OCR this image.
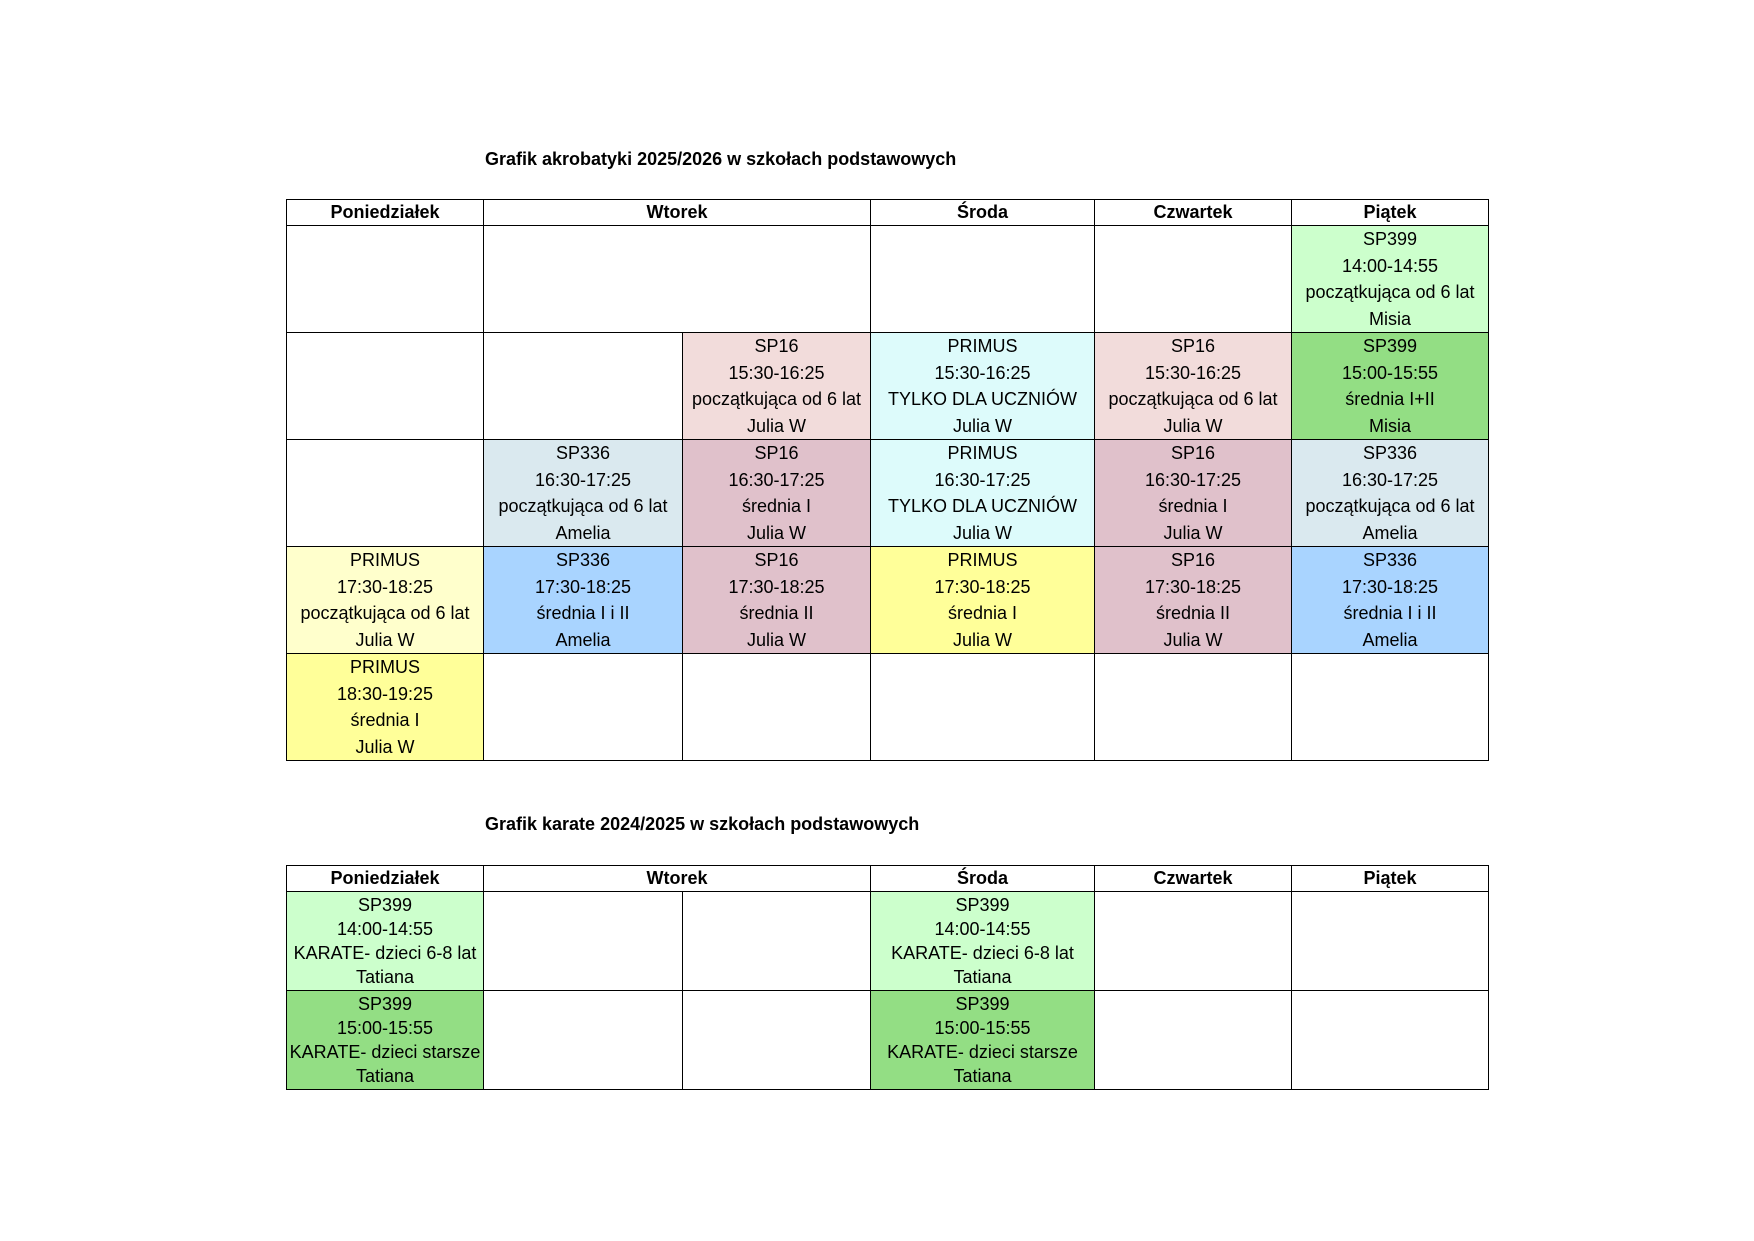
Grafik akrobatyki 2025/2026 w szkołach podstawowych
Poniedziałek	Wtorek		Środa	Czwartek	Piątek

					SP399
14:00-14:55
początkująca od 6 lat
Misia

		SP16
15:30-16:25
początkująca od 6 lat
Julia W	PRIMUS
15:30-16:25
TYLKO DLA UCZNIÓW
Julia W	SP16
15:30-16:25
początkująca od 6 lat
Julia W	SP399
15:00-15:55
średnia I+II
Misia

	SP336
16:30-17:25
początkująca od 6 lat
Amelia	SP16
16:30-17:25
średnia I
Julia W	PRIMUS
16:30-17:25
TYLKO DLA UCZNIÓW
Julia W	SP16
16:30-17:25
średnia I
Julia W	SP336
16:30-17:25
początkująca od 6 lat
Amelia

PRIMUS
17:30-18:25
początkująca od 6 lat
Julia W	SP336
17:30-18:25
średnia I i II
Amelia	SP16
17:30-18:25
średnia II
Julia W	PRIMUS
17:30-18:25
średnia I
Julia W	SP16
17:30-18:25
średnia II
Julia W	SP336
17:30-18:25
średnia I i II
Amelia

PRIMUS
18:30-19:25
średnia I
Julia W					

Grafik karate 2024/2025 w szkołach podstawowych
Poniedziałek	Wtorek		Środa	Czwartek	Piątek

SP399
14:00-14:55
KARATE- dzieci 6-8 lat
Tatiana			SP399
14:00-14:55
KARATE- dzieci 6-8 lat
Tatiana		

SP399
15:00-15:55
KARATE- dzieci starsze
Tatiana			SP399
15:00-15:55
KARATE- dzieci starsze
Tatiana		
